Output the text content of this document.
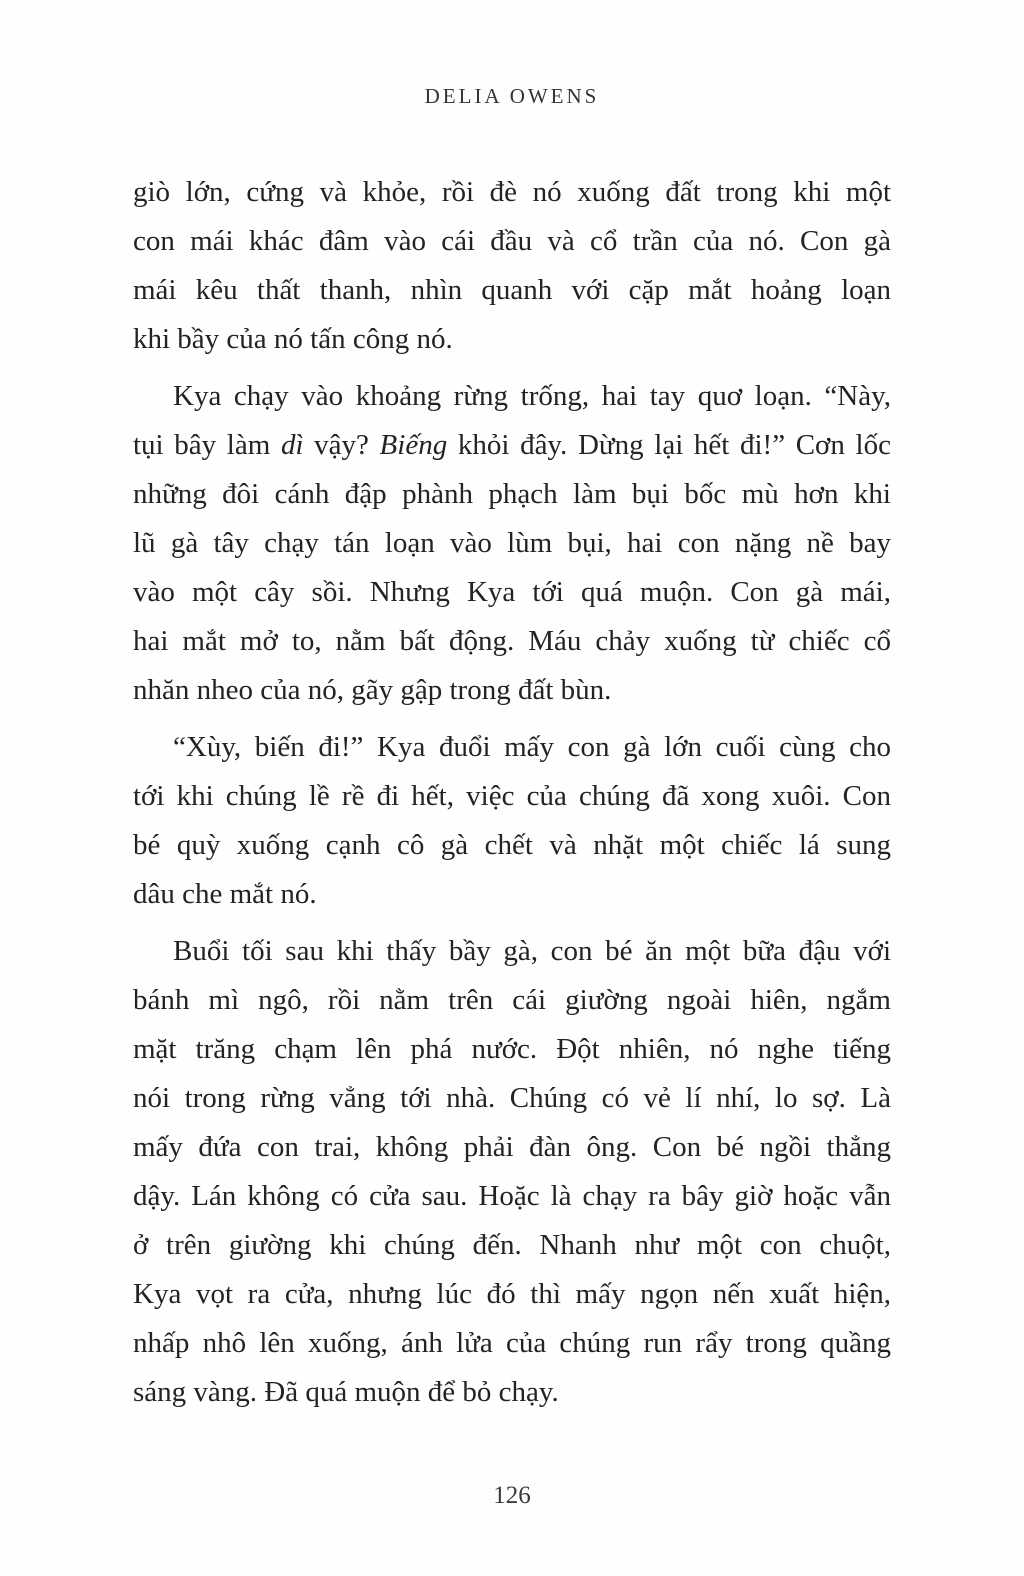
DELIA OWENS
giò lớn, cứng và khỏe, rồi đè nó xuống đất trong khi một
con mái khác đâm vào cái đầu và cổ trần của nó. Con gà
mái kêu thất thanh, nhìn quanh với cặp mắt hoảng loạn
khi bầy của nó tấn công nó.
Kya chạy vào khoảng rừng trống, hai tay quơ loạn. “Này,
tụi bây làm dì vậy? Biếng khỏi đây. Dừng lại hết đi!” Cơn lốc
những đôi cánh đập phành phạch làm bụi bốc mù hơn khi
lũ gà tây chạy tán loạn vào lùm bụi, hai con nặng nề bay
vào một cây sồi. Nhưng Kya tới quá muộn. Con gà mái,
hai mắt mở to, nằm bất động. Máu chảy xuống từ chiếc cổ
nhăn nheo của nó, gãy gập trong đất bùn.
“Xùy, biến đi!” Kya đuổi mấy con gà lớn cuối cùng cho
tới khi chúng lề rề đi hết, việc của chúng đã xong xuôi. Con
bé quỳ xuống cạnh cô gà chết và nhặt một chiếc lá sung
dâu che mắt nó.
Buổi tối sau khi thấy bầy gà, con bé ăn một bữa đậu với
bánh mì ngô, rồi nằm trên cái giường ngoài hiên, ngắm
mặt trăng chạm lên phá nước. Đột nhiên, nó nghe tiếng
nói trong rừng vẳng tới nhà. Chúng có vẻ lí nhí, lo sợ. Là
mấy đứa con trai, không phải đàn ông. Con bé ngồi thẳng
dậy. Lán không có cửa sau. Hoặc là chạy ra bây giờ hoặc vẫn
ở trên giường khi chúng đến. Nhanh như một con chuột,
Kya vọt ra cửa, nhưng lúc đó thì mấy ngọn nến xuất hiện,
nhấp nhô lên xuống, ánh lửa của chúng run rẩy trong quầng
sáng vàng. Đã quá muộn để bỏ chạy.
126
